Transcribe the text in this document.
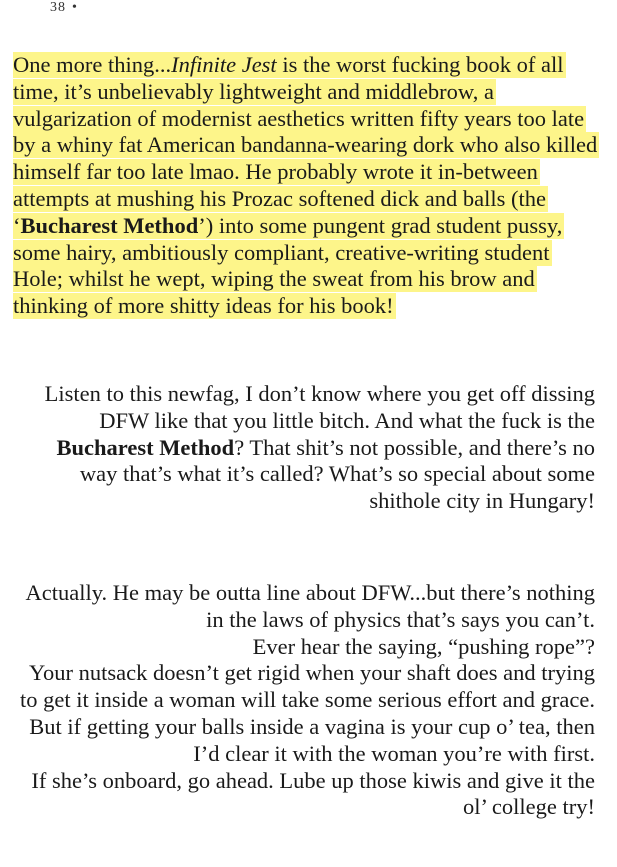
38 •
One more thing...Infinite Jest is the worst fucking book of all time, it’s unbelievably lightweight and middlebrow, a vulgarization of modernist aesthetics written fifty years too late by a whiny fat American bandanna-wearing dork who also killed himself far too late lmao. He probably wrote it in-between attempts at mushing his Prozac softened dick and balls (the ‘Bucharest Method’) into some pungent grad student pussy, some hairy, ambitiously compliant, creative-writing student Hole; whilst he wept, wiping the sweat from his brow and thinking of more shitty ideas for his book!
Listen to this newfag, I don’t know where you get off dissing DFW like that you little bitch. And what the fuck is the Bucharest Method? That shit’s not possible, and there’s no way that’s what it’s called? What’s so special about some shithole city in Hungary!
Actually. He may be outta line about DFW...but there’s nothing in the laws of physics that’s says you can’t.
Ever hear the saying, “pushing rope”?
Your nutsack doesn’t get rigid when your shaft does and trying to get it inside a woman will take some serious effort and grace.
But if getting your balls inside a vagina is your cup o’ tea, then I’d clear it with the woman you’re with first.
If she’s onboard, go ahead. Lube up those kiwis and give it the ol’ college try!
